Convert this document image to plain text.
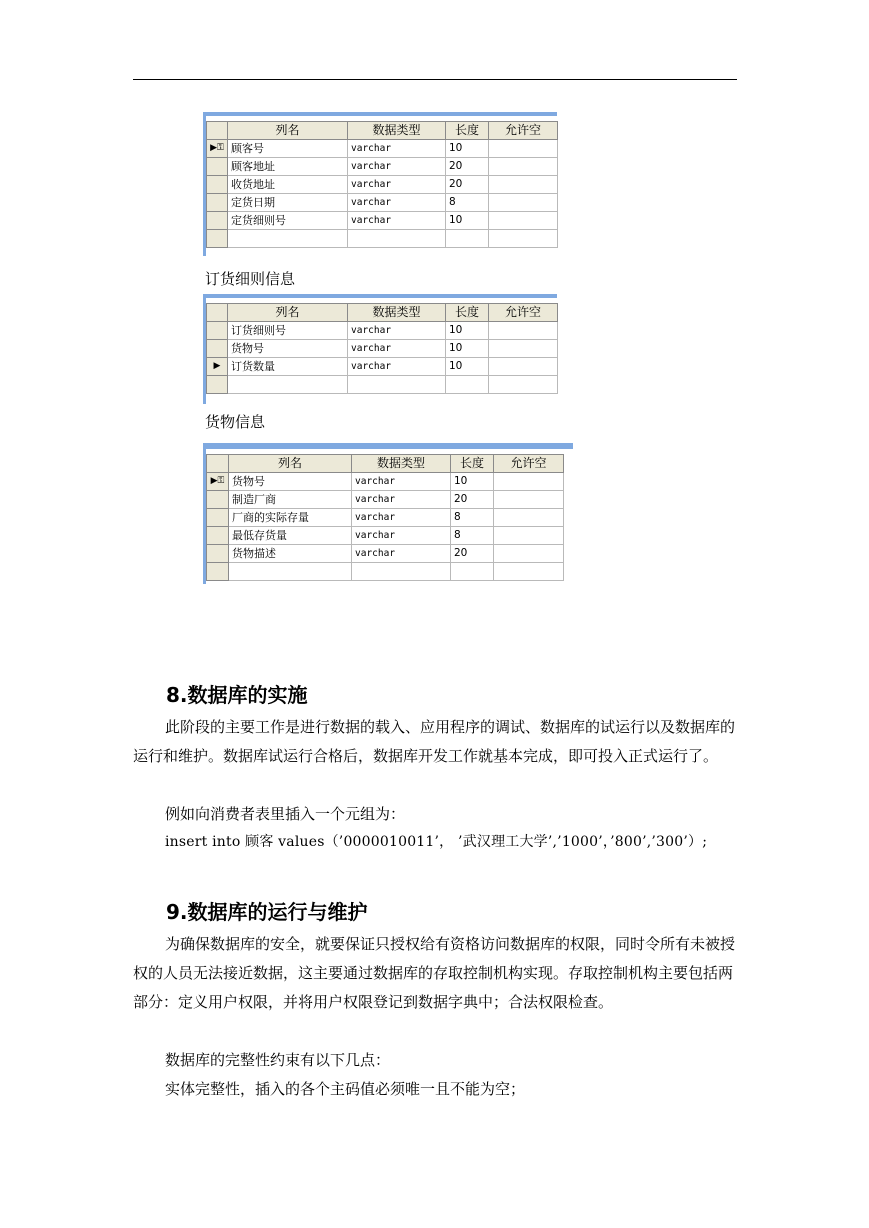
	列名	数据类型	长度	允许空
▶⚿	顾客号	varchar	10	
	顾客地址	varchar	20	
	收货地址	varchar	20	
	定货日期	varchar	8	
	定货细则号	varchar	10	

订货细则信息
	列名	数据类型	长度	允许空
	订货细则号	varchar	10	
	货物号	varchar	10	
▶	订货数量	varchar	10	

货物信息
	列名	数据类型	长度	允许空
▶⚿	货物号	varchar	10	
	制造厂商	varchar	20	
	厂商的实际存量	varchar	8	
	最低存货量	varchar	8	
	货物描述	varchar	20	

8.数据库的实施
此阶段的主要工作是进行数据的载入、应用程序的调试、数据库的试运行以及数据库的运行和维护。数据库试运行合格后，数据库开发工作就基本完成，即可投入正式运行了。
例如向消费者表里插入一个元组为：
insert into 顾客 values（’0000010011’， ’武汉理工大学’,’1000’，’800’,’300’）;
9.数据库的运行与维护
为确保数据库的安全，就要保证只授权给有资格访问数据库的权限，同时令所有未被授权的人员无法接近数据，这主要通过数据库的存取控制机构实现。存取控制机构主要包括两部分：定义用户权限，并将用户权限登记到数据字典中；合法权限检查。
数据库的完整性约束有以下几点：
实体完整性，插入的各个主码值必须唯一且不能为空；
